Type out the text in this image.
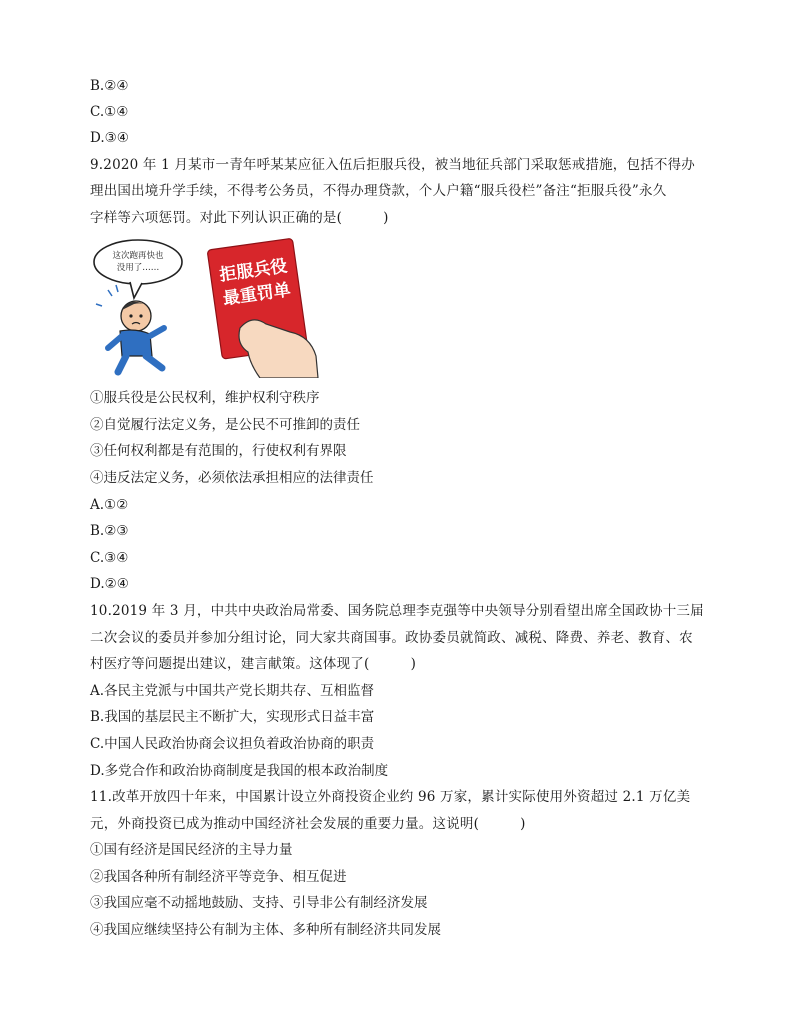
B.②④
C.①④
D.③④
9.2020 年 1 月某市一青年呼某某应征入伍后拒服兵役，被当地征兵部门采取惩戒措施，包括不得办
理出国出境升学手续，不得考公务员，不得办理贷款，个人户籍“服兵役栏”备注“拒服兵役”永久
字样等六项惩罚。对此下列认识正确的是(　　　)
这次跑再快也
没用了……	拒服兵役
最重罚单
①服兵役是公民权利，维护权利守秩序
②自觉履行法定义务，是公民不可推卸的责任
③任何权利都是有范围的，行使权利有界限
④违反法定义务，必须依法承担相应的法律责任
A.①②
B.②③
C.③④
D.②④
10.2019 年 3 月，中共中央政治局常委、国务院总理李克强等中央领导分别看望出席全国政协十三届
二次会议的委员并参加分组讨论，同大家共商国事。政协委员就简政、减税、降费、养老、教育、农
村医疗等问题提出建议，建言献策。这体现了(　　　)
A.各民主党派与中国共产党长期共存、互相监督
B.我国的基层民主不断扩大，实现形式日益丰富
C.中国人民政治协商会议担负着政治协商的职责
D.多党合作和政治协商制度是我国的根本政治制度
11.改革开放四十年来，中国累计设立外商投资企业约 96 万家，累计实际使用外资超过 2.1 万亿美
元，外商投资已成为推动中国经济社会发展的重要力量。这说明(　　　)
①国有经济是国民经济的主导力量
②我国各种所有制经济平等竞争、相互促进
③我国应毫不动摇地鼓励、支持、引导非公有制经济发展
④我国应继续坚持公有制为主体、多种所有制经济共同发展
